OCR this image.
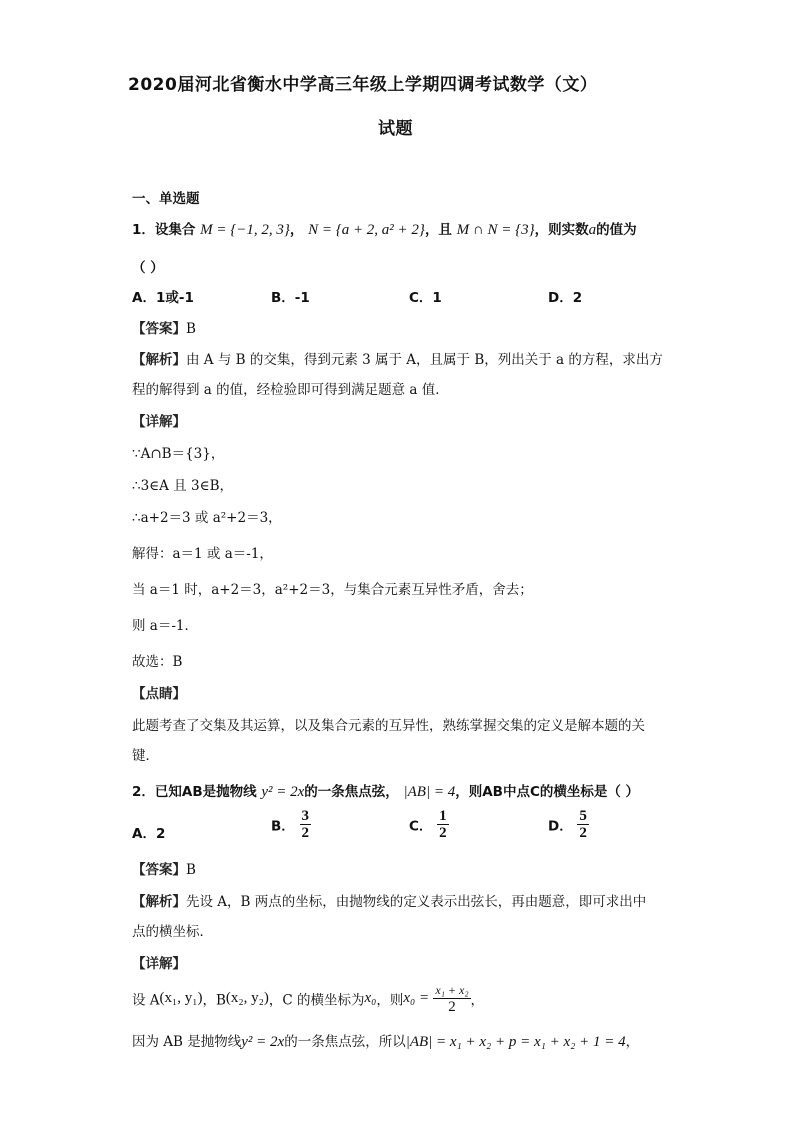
2020届河北省衡水中学高三年级上学期四调考试数学（文）
试题
一、单选题
1．设集合 M = {−1, 2, 3}， N = {a + 2, a² + 2}，且 M ∩ N = {3}，则实数a的值为
（ ）
A．1或-1	B．-1	C．1	D．2
【答案】B
【解析】由 A 与 B 的交集，得到元素 3 属于 A，且属于 B，列出关于 a 的方程，求出方
程的解得到 a 的值，经检验即可得到满足题意 a 值．
【详解】
∵A∩B＝{3}，
∴3∈A 且 3∈B，
∴a+2＝3 或 a²+2＝3，
解得：a＝1 或 a＝-1，
当 a＝1 时，a+2＝3，a²+2＝3，与集合元素互异性矛盾，舍去；
则 a＝-1．
故选：B
【点睛】
此题考查了交集及其运算，以及集合元素的互异性，熟练掌握交集的定义是解本题的关
键．
2．已知AB是抛物线 y² = 2x的一条焦点弦， |AB| = 4，则AB中点C的横坐标是（ ）
A．2	B． $\frac{3}{2}$	C． $\frac{1}{2}$	D． $\frac{5}{2}$
【答案】B
【解析】先设 A，B 两点的坐标，由抛物线的定义表示出弦长，再由题意，即可求出中
点的横坐标．
【详解】
设 A(x₁, y₁)，B(x₂, y₂)，C 的横坐标为x₀，则$x_0 = \frac{\text{x₁ + x₂}}{2}$ ，
因为 AB 是抛物线y² = 2x的一条焦点弦，所以|AB| = x₁ + x₂ + p = x₁ + x₂ + 1 = 4，
